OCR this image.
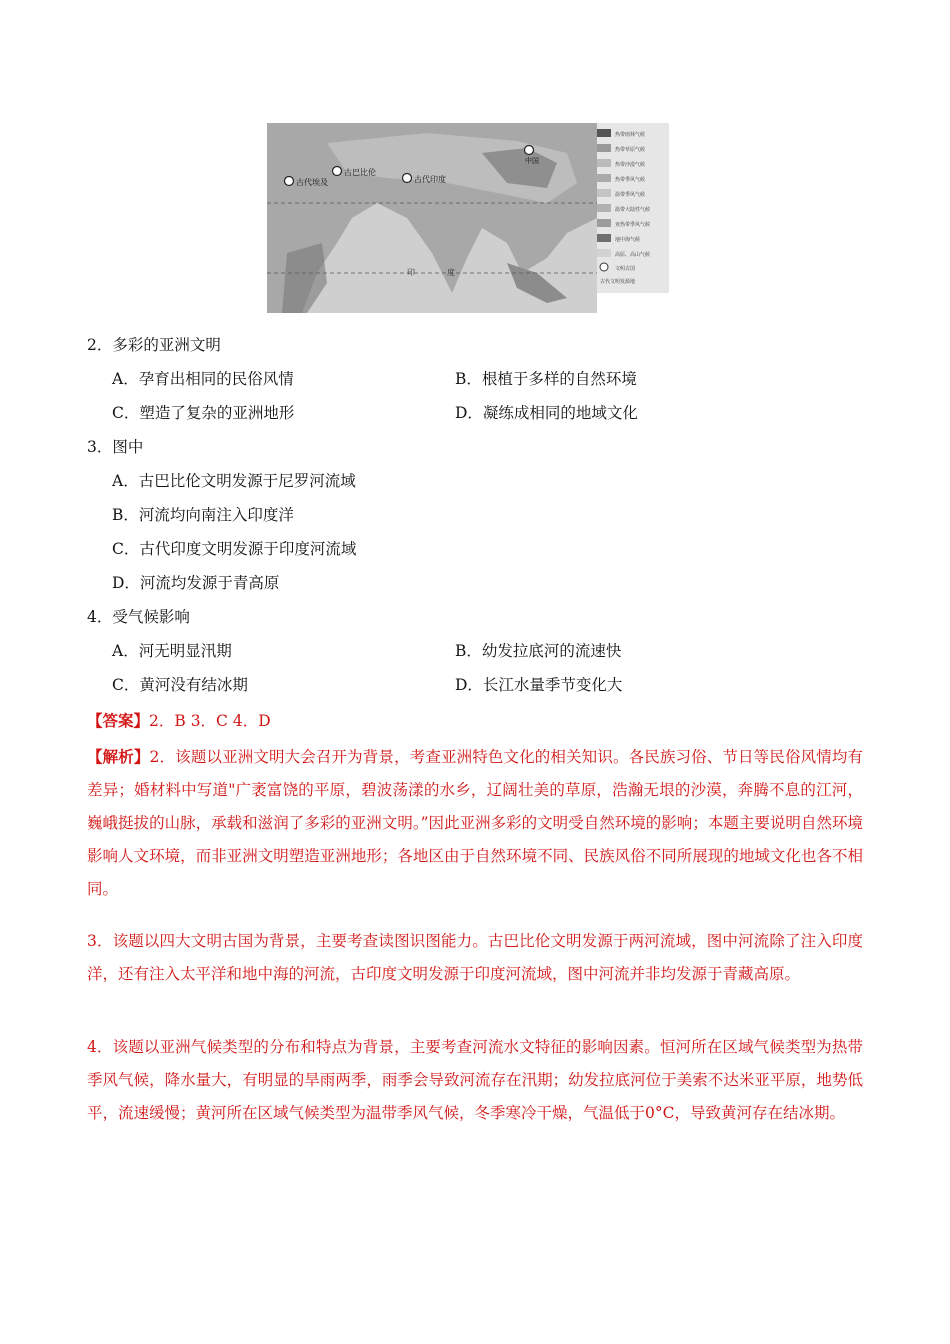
古代埃及
古巴比伦
古代印度
中国
印	度
热带雨林气候
热带草原气候
热带沙漠气候
热带季风气候
温带季风气候
温带大陆性气候
亚热带季风气候
地中海气候
高原、高山气候
文明古国
古代文明发源地
2．多彩的亚洲文明
A．孕育出相同的民俗风情	B．根植于多样的自然环境
C．塑造了复杂的亚洲地形	D．凝练成相同的地域文化
3．图中
A．古巴比伦文明发源于尼罗河流域
B．河流均向南注入印度洋
C．古代印度文明发源于印度河流域
D．河流均发源于青高原
4．受气候影响
A．河无明显汛期	B．幼发拉底河的流速快
C．黄河没有结冰期	D．长江水量季节变化大
【答案】2．B 3．C 4．D
【解析】2．该题以亚洲文明大会召开为背景，考查亚洲特色文化的相关知识。各民族习俗、节日等民俗风情均有差异；婚材料中写道"广袤富饶的平原，碧波荡漾的水乡，辽阔壮美的草原，浩瀚无垠的沙漠，奔腾不息的江河，巍峨挺拔的山脉，承载和滋润了多彩的亚洲文明。”因此亚洲多彩的文明受自然环境的影响；本题主要说明自然环境影响人文环境，而非亚洲文明塑造亚洲地形；各地区由于自然环境不同、民族风俗不同所展现的地域文化也各不相同。
3．该题以四大文明古国为背景，主要考查读图识图能力。古巴比伦文明发源于两河流域，图中河流除了注入印度洋，还有注入太平洋和地中海的河流，古印度文明发源于印度河流域，图中河流并非均发源于青藏高原。
4．该题以亚洲气候类型的分布和特点为背景，主要考查河流水文特征的影响因素。恒河所在区域气候类型为热带季风气候，降水量大，有明显的旱雨两季，雨季会导致河流存在汛期；幼发拉底河位于美索不达米亚平原，地势低平，流速缓慢；黄河所在区域气候类型为温带季风气候，冬季寒冷干燥，气温低于0°C，导致黄河存在结冰期。
